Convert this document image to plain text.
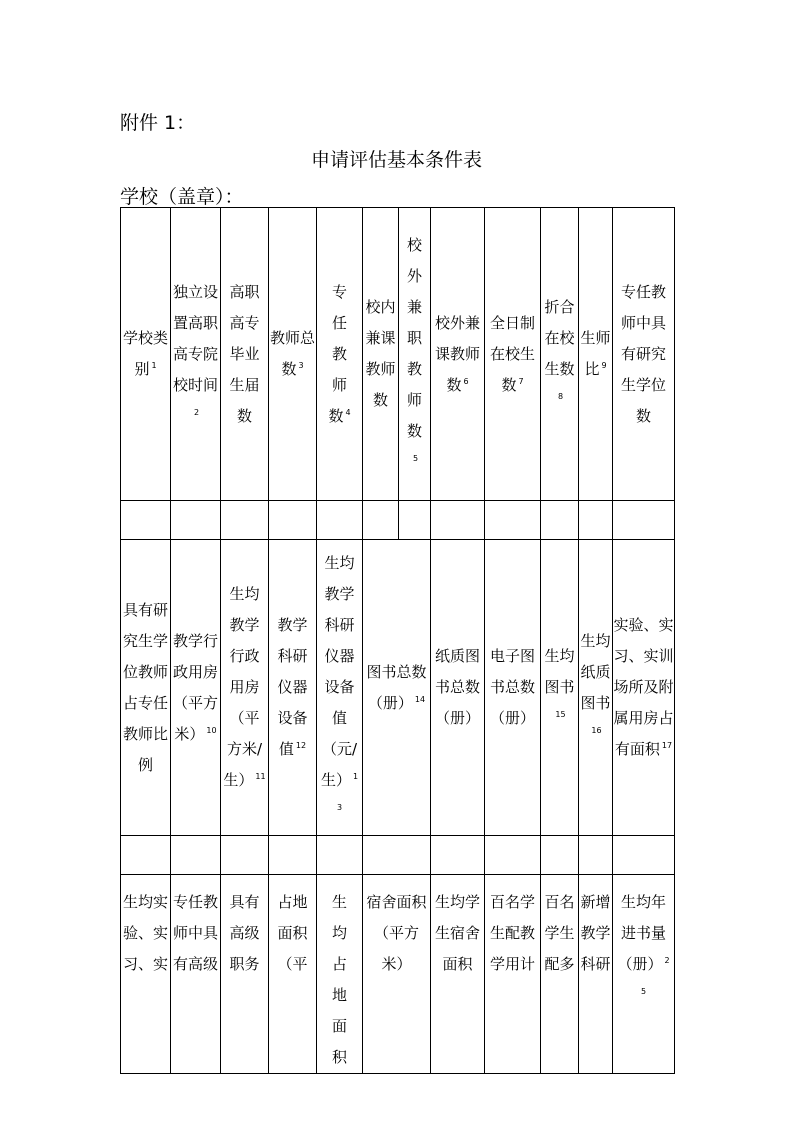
附件 1：
申请评估基本条件表
学校（盖章）：
学校类别 $^1$	独立设置高职高专院校时间$^2$	高职高专毕业生届数	教师总数 $^3$	专任教师数 $^4$	校内兼课教师数	校外兼职教师数$^5$	校外兼课教师数 $^6$	全日制在校生数 $^7$	折合在校生数$^8$	生师比 $^9$	专任教师中具有研究生学位数

具有研究生学位教师占专任教师比例	教学行政用房（平方米） $^{10}$	生均教学行政用房（平方米/生） $^{11}$	教学科研仪器设备值 $^{12}$	生均教学科研仪器设备值（元/生） $^{13}$	图书总数（册） $^{14}$		纸质图书总数（册）	电子图书总数（册）	生均图书$^{15}$	生均纸质图书$^{16}$	实验、实习、实训场所及附属用房占有面积 $^{17}$

生均实验、实习、实	专任教师中具有高级	具有高级职务	占地面积（平	生均占地面积	宿舍面积（平方米）		生均学生宿舍面积	百名学生配教学用计	百名学生配多	新增教学科研	生均年进书量（册） $^{25}$
